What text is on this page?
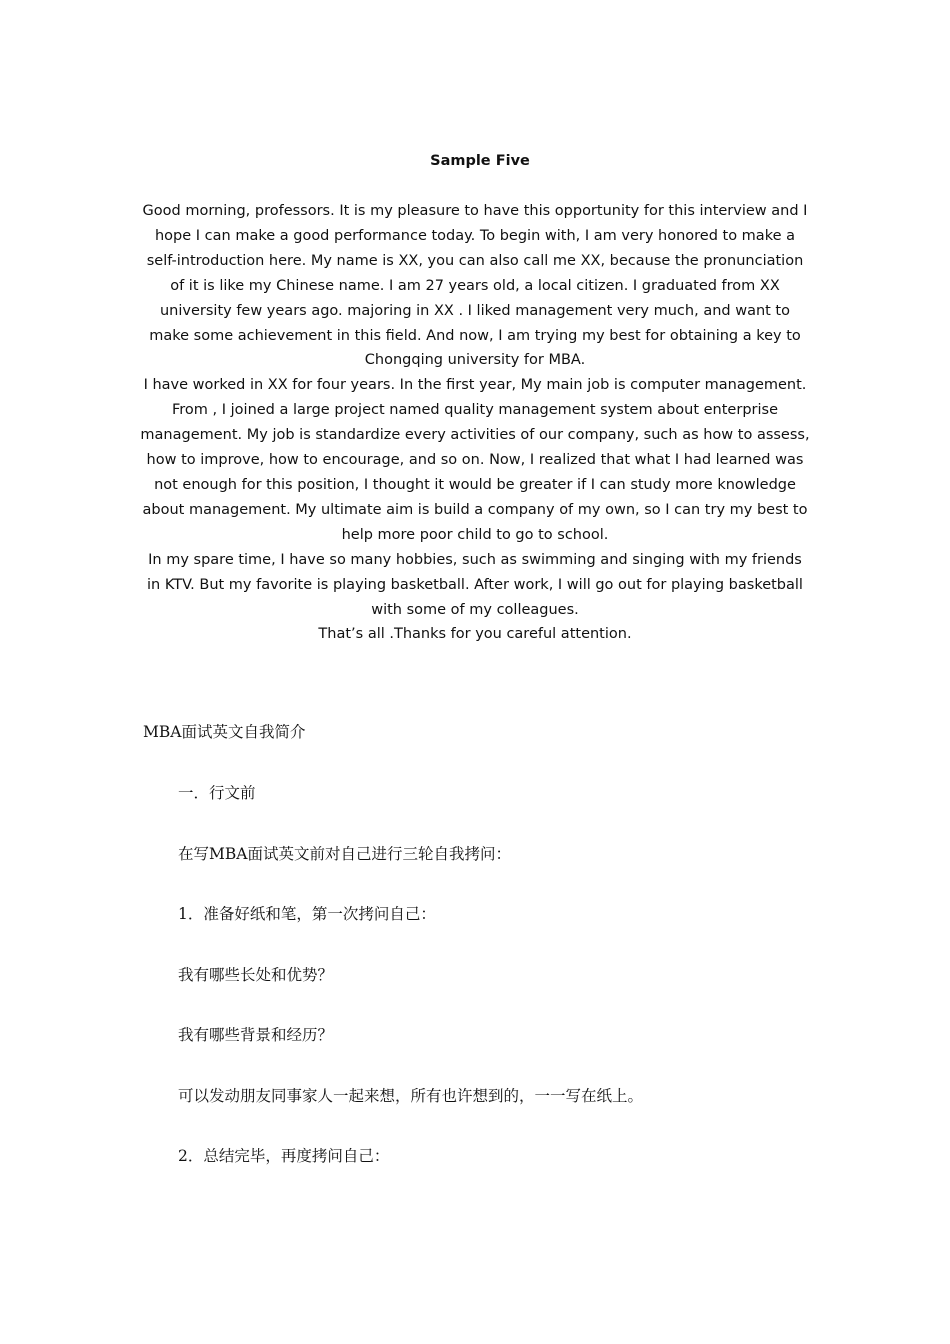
Sample Five

Good morning, professors. It is my pleasure to have this opportunity for this interview and I hope I can make a good performance today. To begin with, I am very honored to make a self-introduction here. My name is XX, you can also call me XX, because the pronunciation of it is like my Chinese name. I am 27 years old, a local citizen. I graduated from XX university few years ago. majoring in XX . I liked management very much, and want to make some achievement in this field. And now, I am trying my best for obtaining a key to Chongqing university for MBA.

I have worked in XX for four years. In the first year, My main job is computer management. From , I joined a large project named quality management system about enterprise management. My job is standardize every activities of our company, such as how to assess, how to improve, how to encourage, and so on. Now, I realized that what I had learned was not enough for this position, I thought it would be greater if I can study more knowledge about management. My ultimate aim is build a company of my own, so I can try my best to help more poor child to go to school.

In my spare time, I have so many hobbies, such as swimming and singing with my friends in KTV. But my favorite is playing basketball. After work, I will go out for playing basketball with some of my colleagues.

That’s all .Thanks for you careful attention.

MBA面试英文自我简介
一．行文前
在写MBA面试英文前对自己进行三轮自我拷问：
1．准备好纸和笔，第一次拷问自己：
我有哪些长处和优势？
我有哪些背景和经历？
可以发动朋友同事家人一起来想，所有也许想到的，一一写在纸上。
2．总结完毕，再度拷问自己：
